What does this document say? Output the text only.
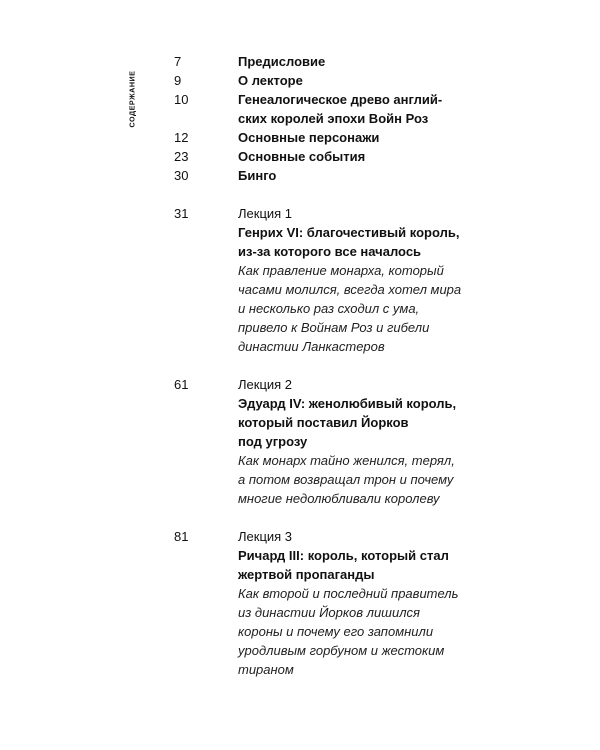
СОДЕРЖАНИЕ
7	Предисловие
9	О лекторе
10	Генеалогическое древо англий-
ских королей эпохи Войн Роз
12	Основные персонажи
23	Основные события
30	Бинго
31	Лекция 1
Генрих VI: благочестивый король,
из-за которого все началось
Как правление монарха, который
часами молился, всегда хотел мира
и несколько раз сходил с ума,
привело к Войнам Роз и гибели
династии Ланкастеров
61	Лекция 2
Эдуард IV: женолюбивый король,
который поставил Йорков
под угрозу
Как монарх тайно женился, терял,
а потом возвращал трон и почему
многие недолюбливали королеву
81	Лекция 3
Ричард III: король, который стал
жертвой пропаганды
Как второй и последний правитель
из династии Йорков лишился
короны и почему его запомнили
уродливым горбуном и жестоким
тираном
